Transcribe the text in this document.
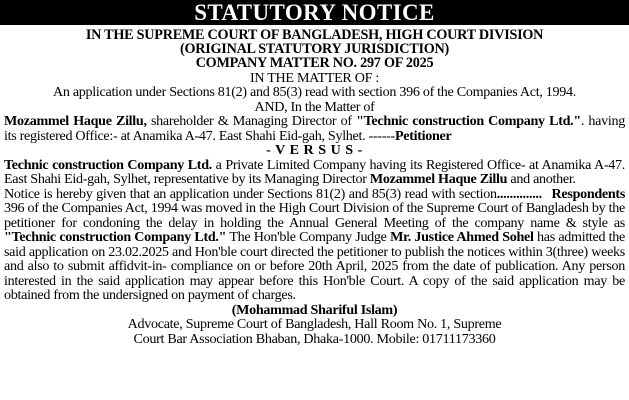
STATUTORY NOTICE
IN THE SUPREME COURT OF BANGLADESH, HIGH COURT DIVISION
(ORIGINAL STATUTORY JURISDICTION)
COMPANY MATTER NO. 297 OF 2025
IN THE MATTER OF :
An application under Sections 81(2) and 85(3) read with section 396 of the Companies Act, 1994.
AND, In the Matter of
Mozammel Haque Zillu, shareholder & Managing Director of "Technic construction Company Ltd.". having its registered Office:- at Anamika A-47. East Shahi Eid-gah, Sylhet. ------Petitioner
- V E R S U S -
Technic construction Company Ltd. a Private Limited Company having its Registered Office- at Anamika A-47. East Shahi Eid-gah, Sylhet, representative by its Managing Director Mozammel Haque Zillu and another.
.............. Respondents
Notice is hereby given that an application under Sections 81(2) and 85(3) read with section 396 of the Companies Act, 1994 was moved in the High Court Division of the Supreme Court of Bangladesh by the petitioner for condoning the delay in holding the Annual General Meeting of the company name & style as "Technic construction Company Ltd." The Hon'ble Company Judge Mr. Justice Ahmed Sohel has admitted the said application on 23.02.2025 and Hon'ble court directed the petitioner to publish the notices within 3(three) weeks and also to submit affidvit-in- compliance on or before 20th April, 2025 from the date of publication. Any person interested in the said application may appear before this Hon'ble Court. A copy of the said application may be obtained from the undersigned on payment of charges.
(Mohammad Shariful Islam)
Advocate, Supreme Court of Bangladesh, Hall Room No. 1, Supreme
Court Bar Association Bhaban, Dhaka-1000. Mobile: 01711173360
